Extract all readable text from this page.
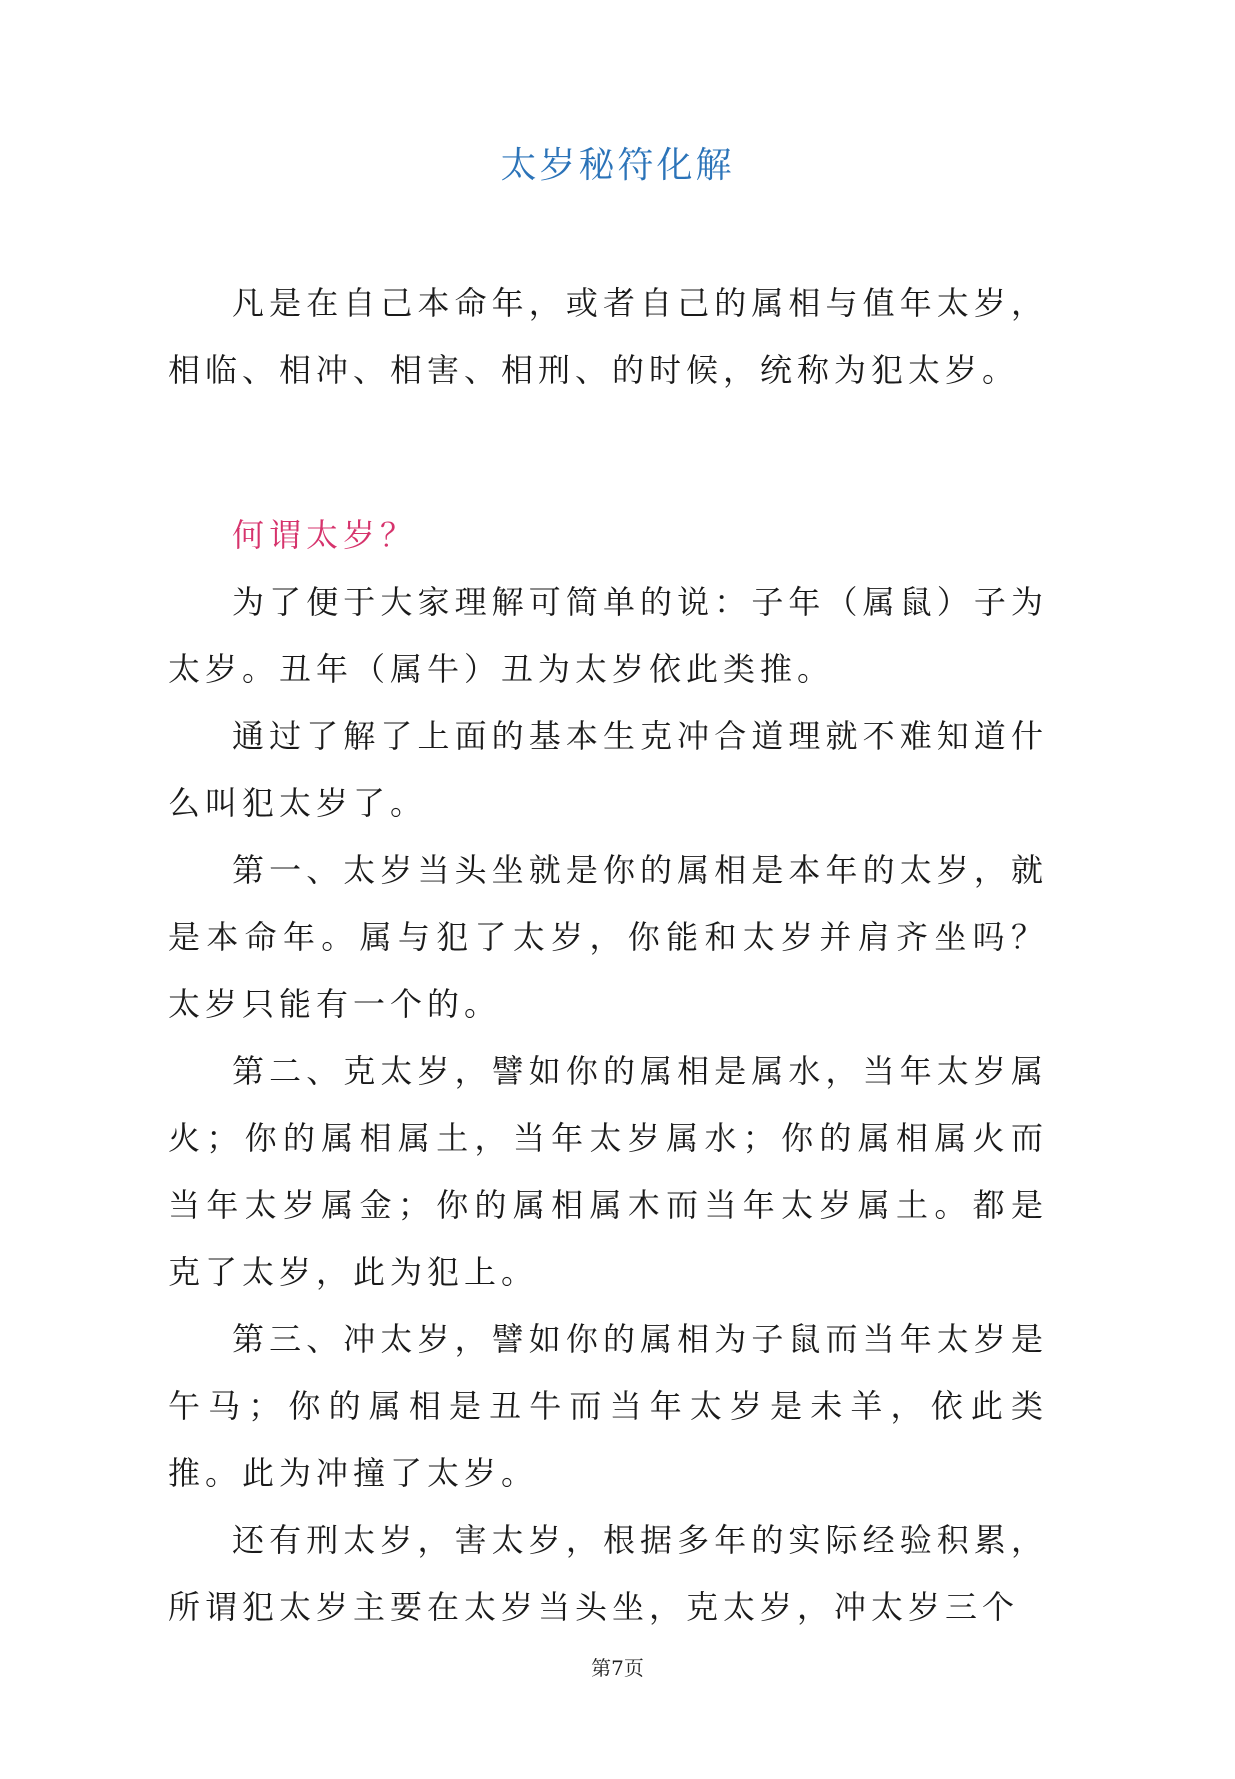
太岁秘符化解

凡是在自己本命年，或者自己的属相与值年太岁，相临、相冲、相害、相刑、的时候，统称为犯太岁。

何谓太岁？

为了便于大家理解可简单的说：子年（属鼠）子为太岁。丑年（属牛）丑为太岁依此类推。

通过了解了上面的基本生克冲合道理就不难知道什么叫犯太岁了。

第一、太岁当头坐就是你的属相是本年的太岁，就是本命年。属与犯了太岁，你能和太岁并肩齐坐吗？太岁只能有一个的。

第二、克太岁，譬如你的属相是属水，当年太岁属火；你的属相属土，当年太岁属水；你的属相属火而当年太岁属金；你的属相属木而当年太岁属土。都是克了太岁，此为犯上。

第三、冲太岁，譬如你的属相为子鼠而当年太岁是午马；你的属相是丑牛而当年太岁是未羊，依此类推。此为冲撞了太岁。

还有刑太岁，害太岁，根据多年的实际经验积累，所谓犯太岁主要在太岁当头坐，克太岁，冲太岁三个

第7页
